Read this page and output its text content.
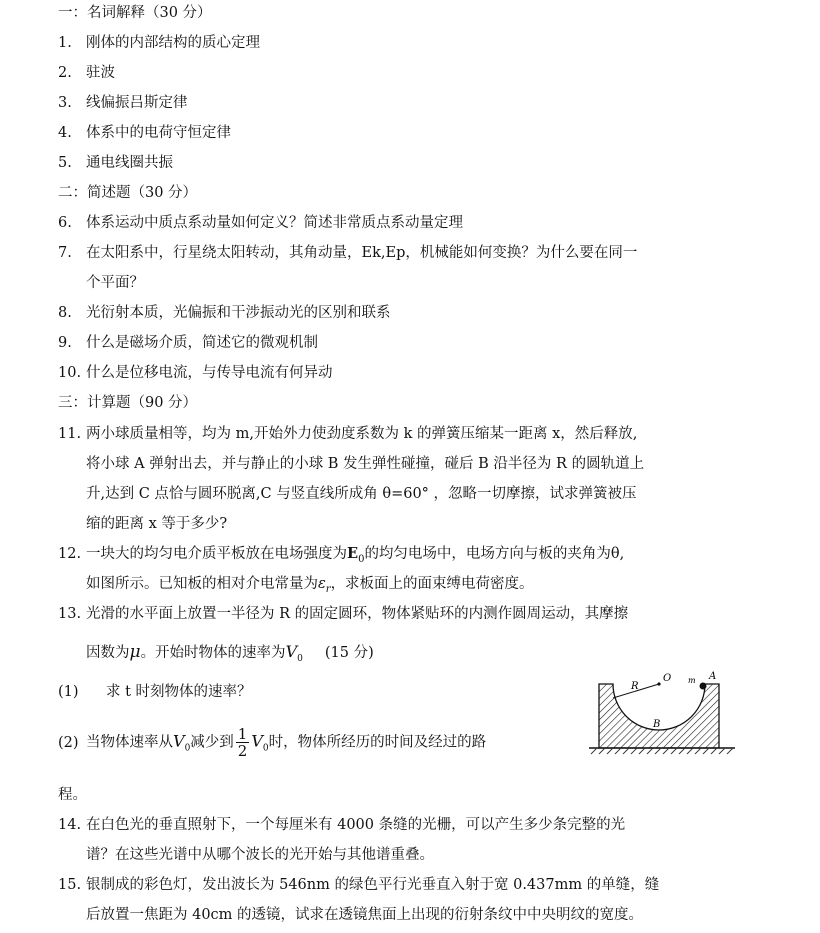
一：名词解释（30 分）
1. 刚体的内部结构的质心定理
2. 驻波
3. 线偏振吕斯定律
4. 体系中的电荷守恒定律
5. 通电线圈共振
二：简述题（30 分）
6. 体系运动中质点系动量如何定义？简述非常质点系动量定理
7. 在太阳系中，行星绕太阳转动，其角动量，Ek,Ep，机械能如何变换？为什么要在同一
个平面？
8. 光衍射本质，光偏振和干涉振动光的区别和联系
9. 什么是磁场介质，简述它的微观机制
10. 什么是位移电流，与传导电流有何异动
三：计算题（90 分）
11. 两小球质量相等，均为 m,开始外力使劲度系数为 k 的弹簧压缩某一距离 x，然后释放,
将小球 A 弹射出去，并与静止的小球 B 发生弹性碰撞，碰后 B 沿半径为 R 的圆轨道上
升,达到 C 点恰与圆环脱离,C 与竖直线所成角 θ=60° ，忽略一切摩擦，试求弹簧被压
缩的距离 x 等于多少?
12. 一块大的均匀电介质平板放在电场强度为$E_0$的均匀电场中，电场方向与板的夹角为θ,
如图所示。已知板的相对介电常量为$\varepsilon_r$，求板面上的面束缚电荷密度。
13. 光滑的水平面上放置一半径为 R 的固定圆环，物体紧贴环的内测作圆周运动，其摩擦
因数为μ。开始时物体的速率为$V_0$ (15 分)
(1) 求 t 时刻物体的速率？
(2) 当物体速率从$V_0$减少到 $\frac{1}{2} V_0$时，物体所经历的时间及经过的路
程。
R
O m A
B
14. 在白色光的垂直照射下，一个每厘米有 4000 条缝的光栅，可以产生多少条完整的光
谱？在这些光谱中从哪个波长的光开始与其他谱重叠。
15. 银制成的彩色灯，发出波长为 546nm 的绿色平行光垂直入射于宽 0.437mm 的单缝，缝
后放置一焦距为 40cm 的透镜，试求在透镜焦面上出现的衍射条纹中中央明纹的宽度。
